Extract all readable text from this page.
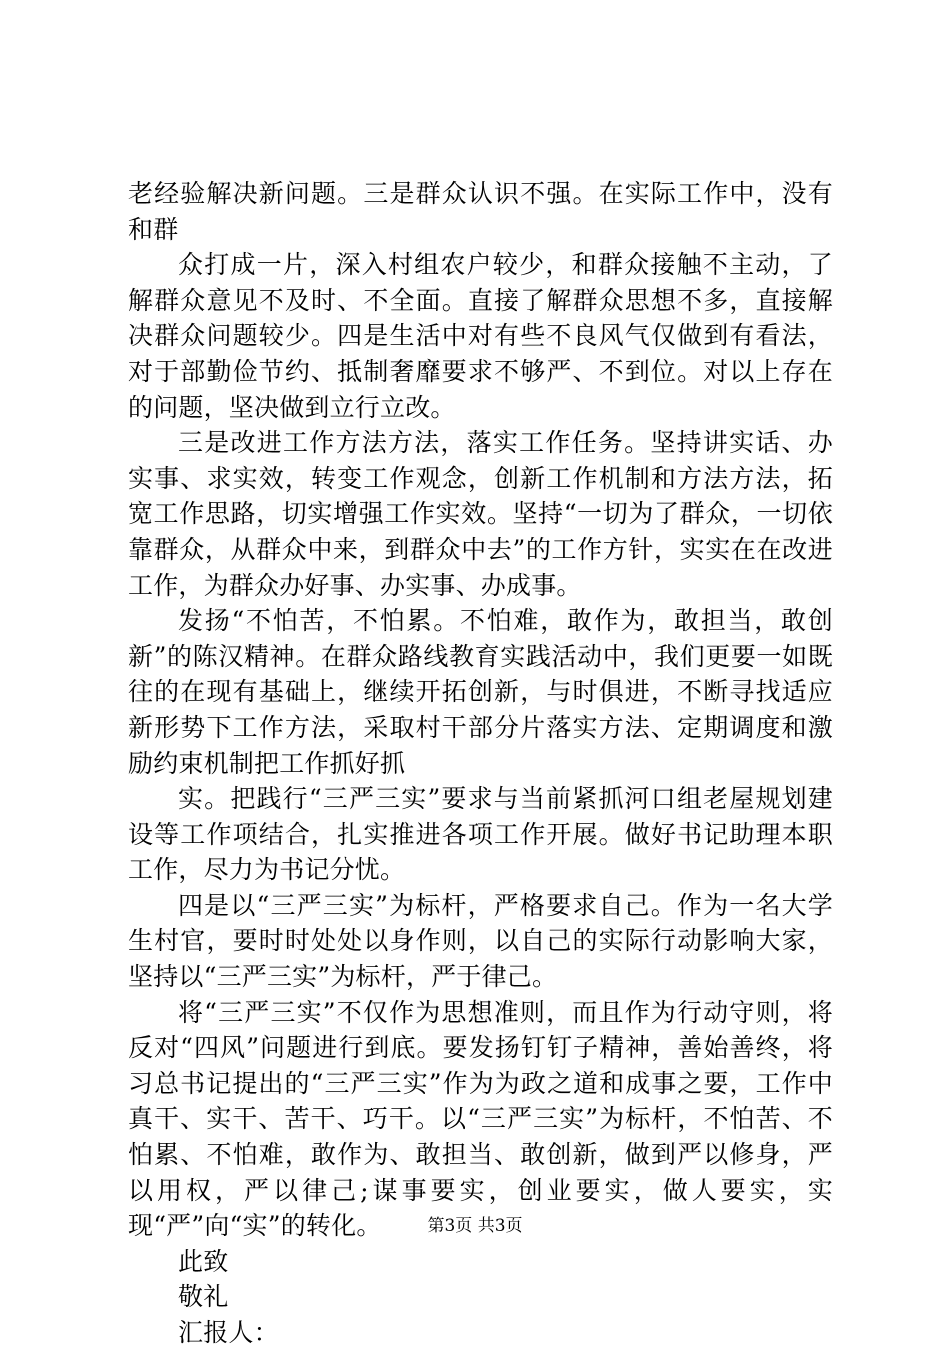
老经验解决新问题。三是群众认识不强。在实际工作中，没有和群

众打成一片，深入村组农户较少，和群众接触不主动，了解群众意见不及时、不全面。直接了解群众思想不多，直接解决群众问题较少。四是生活中对有些不良风气仅做到有看法，对于部勤俭节约、抵制奢靡要求不够严、不到位。对以上存在的问题，坚决做到立行立改。

三是改进工作方法方法，落实工作任务。坚持讲实话、办实事、求实效，转变工作观念，创新工作机制和方法方法，拓宽工作思路，切实增强工作实效。坚持“一切为了群众，一切依靠群众，从群众中来，到群众中去”的工作方针，实实在在改进工作，为群众办好事、办实事、办成事。

发扬“不怕苦，不怕累。不怕难，敢作为，敢担当，敢创新”的陈汉精神。在群众路线教育实践活动中，我们更要一如既往的在现有基础上，继续开拓创新，与时俱进，不断寻找适应新形势下工作方法，采取村干部分片落实方法、定期调度和激励约束机制把工作抓好抓

实。把践行“三严三实”要求与当前紧抓河口组老屋规划建设等工作项结合，扎实推进各项工作开展。做好书记助理本职工作，尽力为书记分忧。

四是以“三严三实”为标杆，严格要求自己。作为一名大学生村官，要时时处处以身作则，以自己的实际行动影响大家，坚持以“三严三实”为标杆，严于律己。

将“三严三实”不仅作为思想准则，而且作为行动守则，将反对“四风”问题进行到底。要发扬钉钉子精神，善始善终，将习总书记提出的“三严三实”作为为政之道和成事之要，工作中真干、实干、苦干、巧干。以“三严三实”为标杆，不怕苦、不怕累、不怕难，敢作为、敢担当、敢创新，做到严以修身，严以用权，严以律己;谋事要实，创业要实，做人要实，实现“严”向“实”的转化。

此致

敬礼

汇报人：

第3页 共3页
